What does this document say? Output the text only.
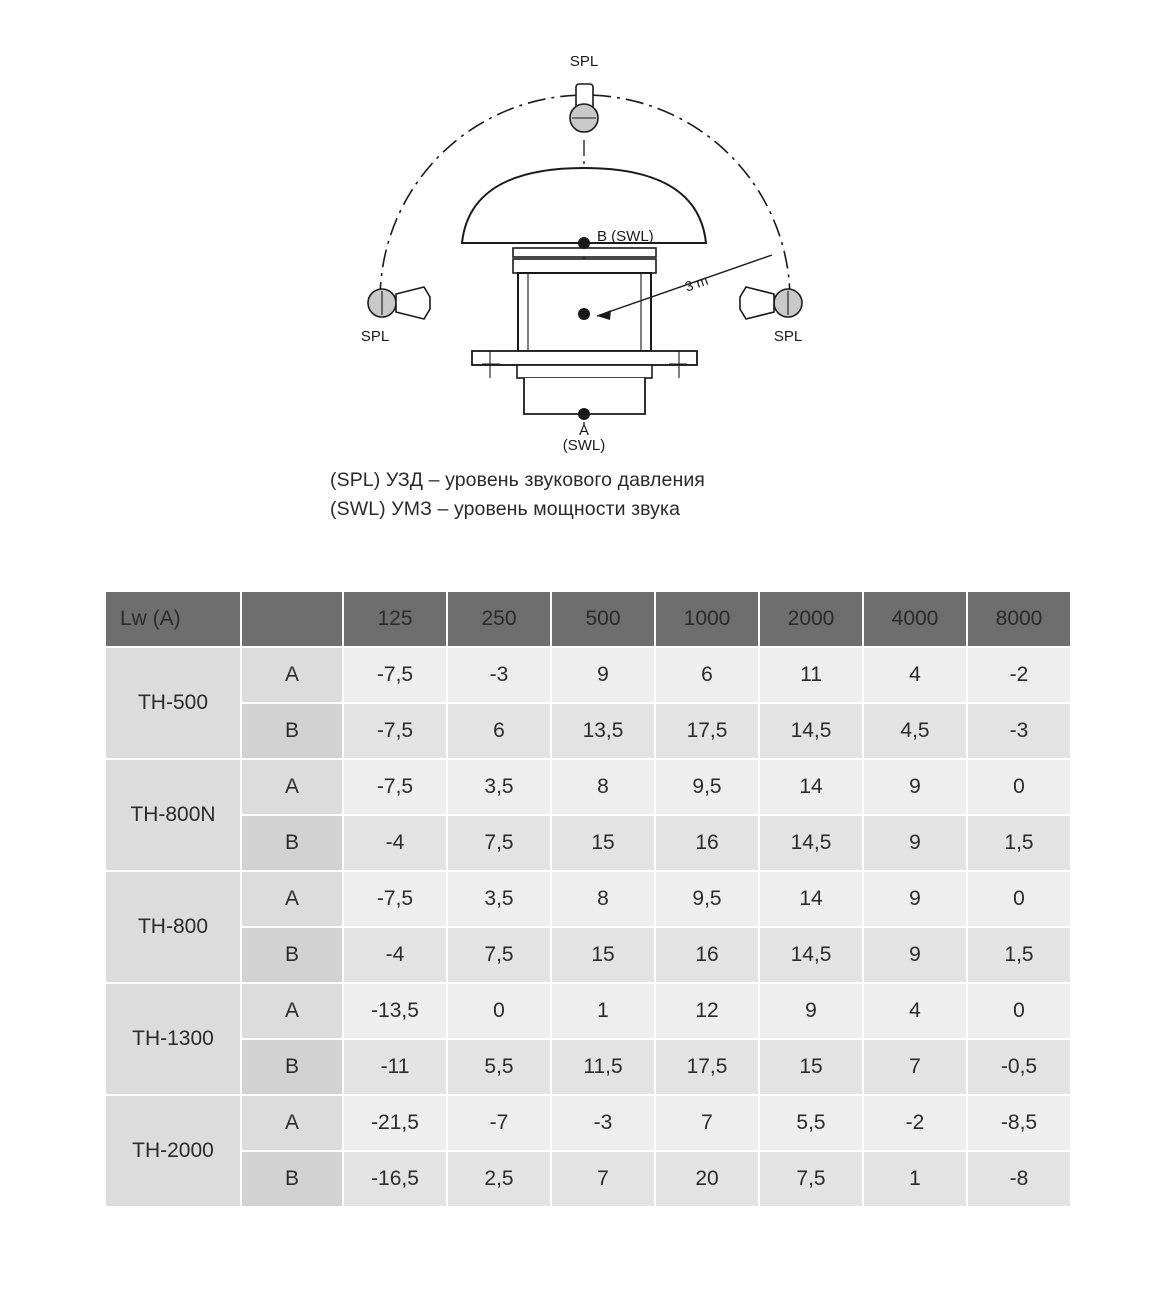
SPL
SPL	SPL
B (SWL)
A
(SWL)
3 m
(SPL) УЗД – уровень звукового давления
(SWL) УМЗ – уровень мощности звука
Lw (A)		125	250	500	1000	2000	4000	8000
TH-500	A	-7,5	-3	9	6	11	4	-2
	B	-7,5	6	13,5	17,5	14,5	4,5	-3
TH-800N	A	-7,5	3,5	8	9,5	14	9	0
	B	-4	7,5	15	16	14,5	9	1,5
TH-800	A	-7,5	3,5	8	9,5	14	9	0
	B	-4	7,5	15	16	14,5	9	1,5
TH-1300	A	-13,5	0	1	12	9	4	0
	B	-11	5,5	11,5	17,5	15	7	-0,5
TH-2000	A	-21,5	-7	-3	7	5,5	-2	-8,5
	B	-16,5	2,5	7	20	7,5	1	-8
